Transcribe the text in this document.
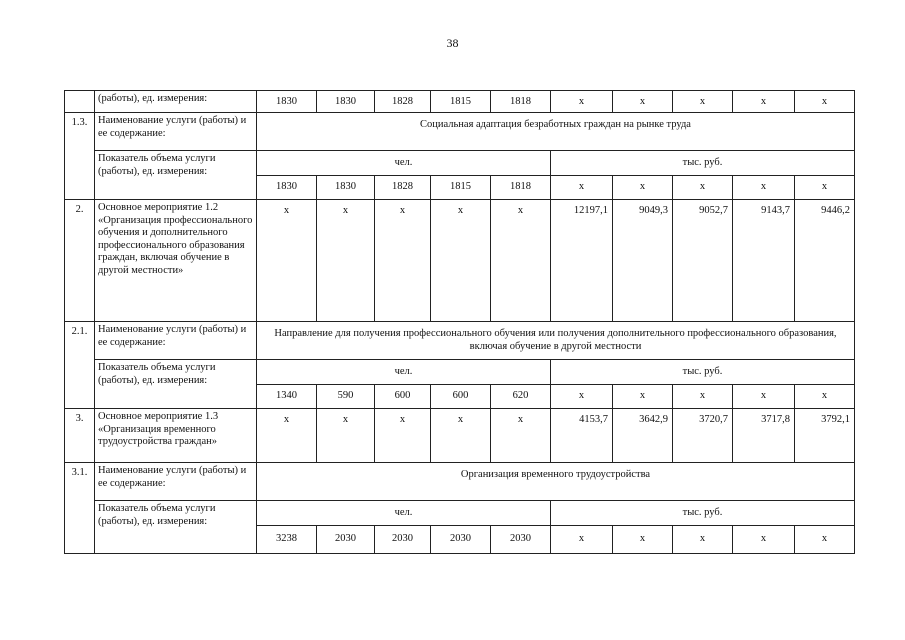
38
	(работы), ед. измерения:	1830	1830	1828	1815	1818	x	x	x	x	x
1.3.	Наименование услуги (работы) и ее содержание:	Социальная адаптация безработных граждан на рынке труда									
	Показатель объема услуги (работы), ед. измерения:	чел.					тыс. руб.				
		1830	1830	1828	1815	1818	x	x	x	x	x
2.	Основное мероприятие 1.2 «Организация профессионального обучения и дополнительного профессионального образования граждан, включая обучение в другой местности»	x	x	x	x	x	12197,1	9049,3	9052,7	9143,7	9446,2
2.1.	Наименование услуги (работы) и ее содержание:	Направление для получения профессионального обучения или получения дополнительного профессионального образования, включая обучение в другой местности									
	Показатель объема услуги (работы), ед. измерения:	чел.					тыс. руб.				
		1340	590	600	600	620	x	x	x	x	x
3.	Основное мероприятие 1.3 «Организация временного трудоустройства граждан»	x	x	x	x	x	4153,7	3642,9	3720,7	3717,8	3792,1
3.1.	Наименование услуги (работы) и ее содержание:	Организация временного трудоустройства									
	Показатель объема услуги (работы), ед. измерения:	чел.					тыс. руб.				
		3238	2030	2030	2030	2030	x	x	x	x	x
